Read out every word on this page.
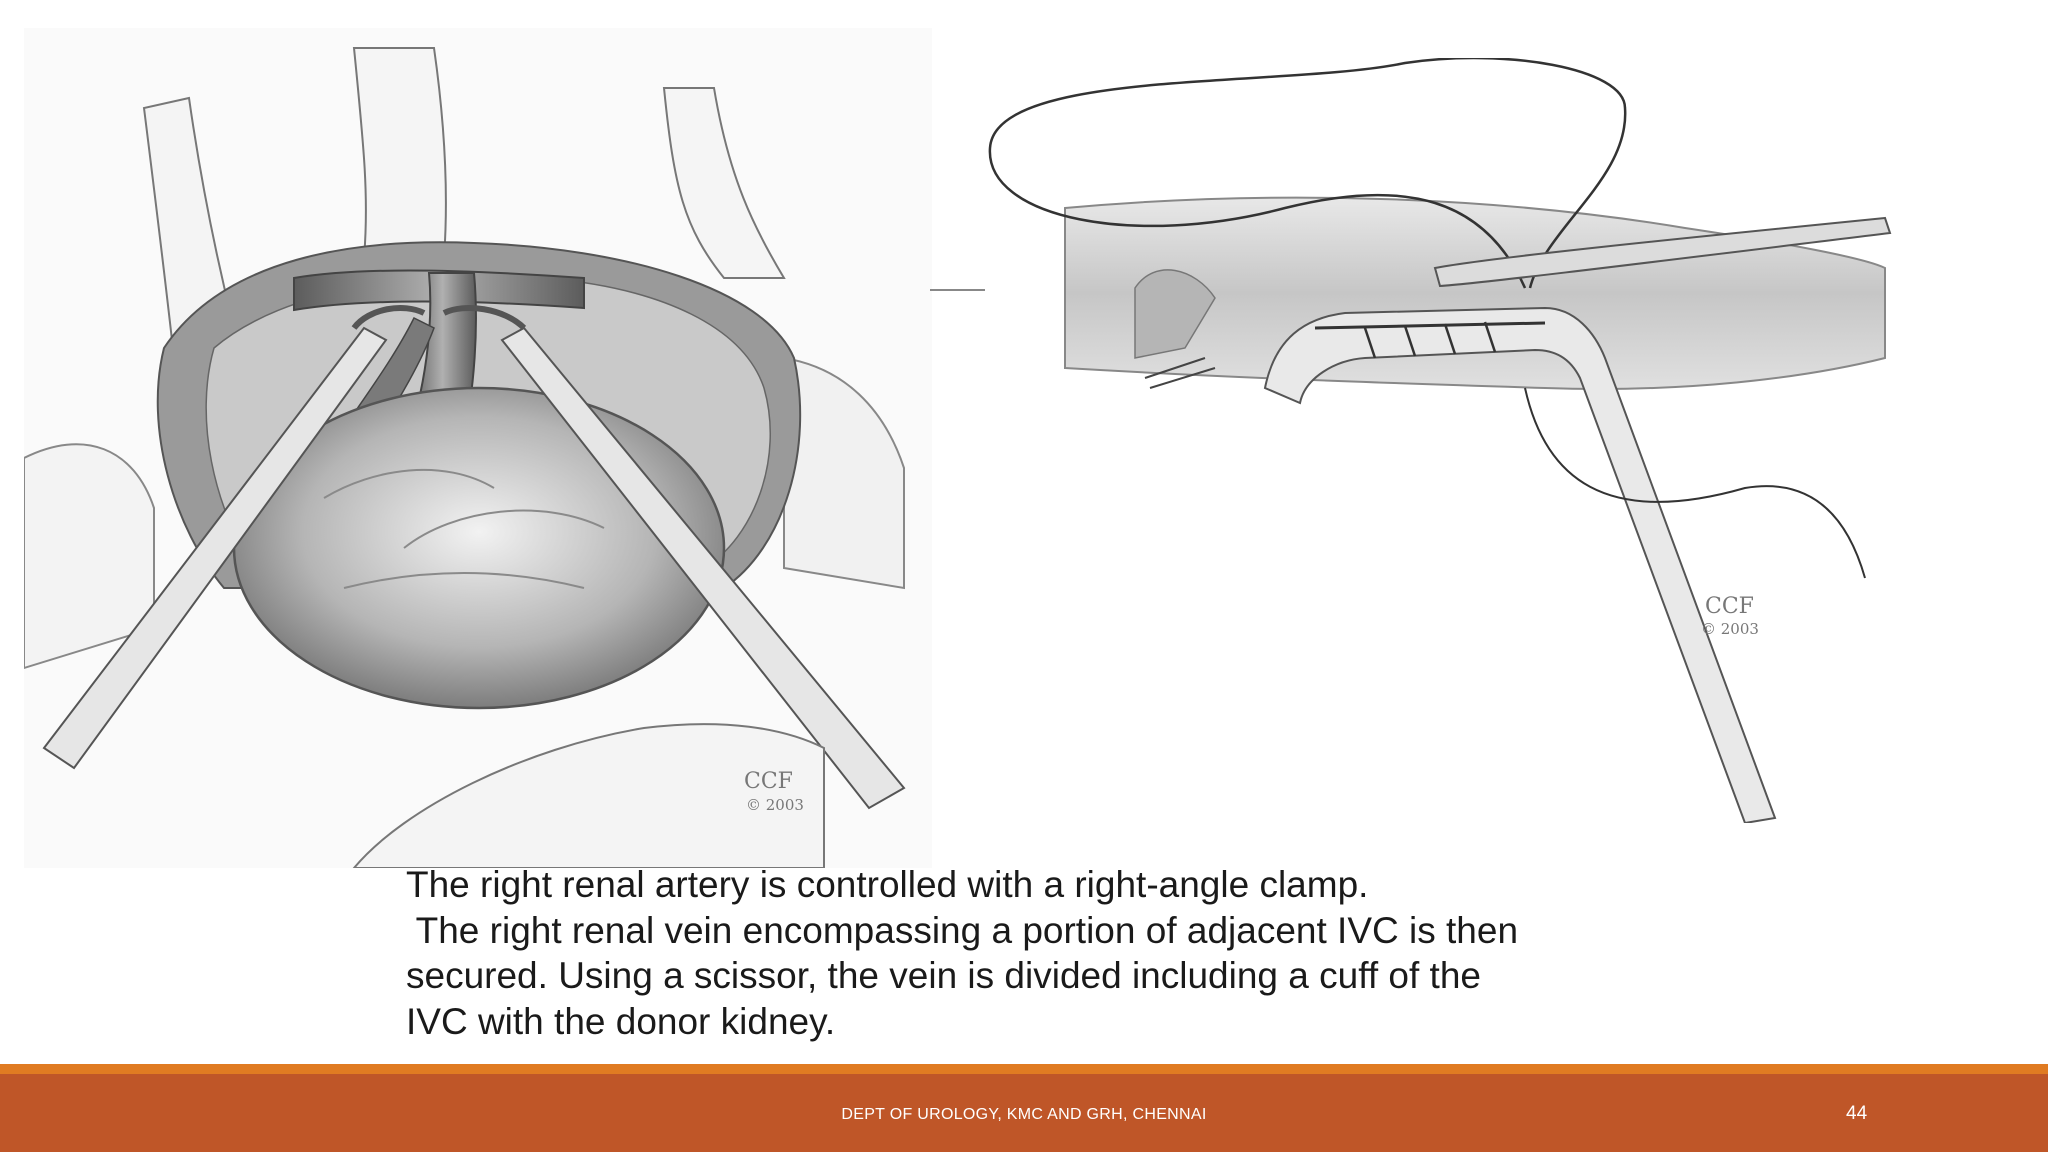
CCF
© 2003
CCF
© 2003
The right renal artery is controlled with a right-angle clamp.
The right renal vein encompassing a portion of adjacent IVC is then
secured. Using a scissor, the vein is divided including a cuff of the
IVC with the donor kidney.
DEPT OF UROLOGY, KMC AND GRH, CHENNAI	44
